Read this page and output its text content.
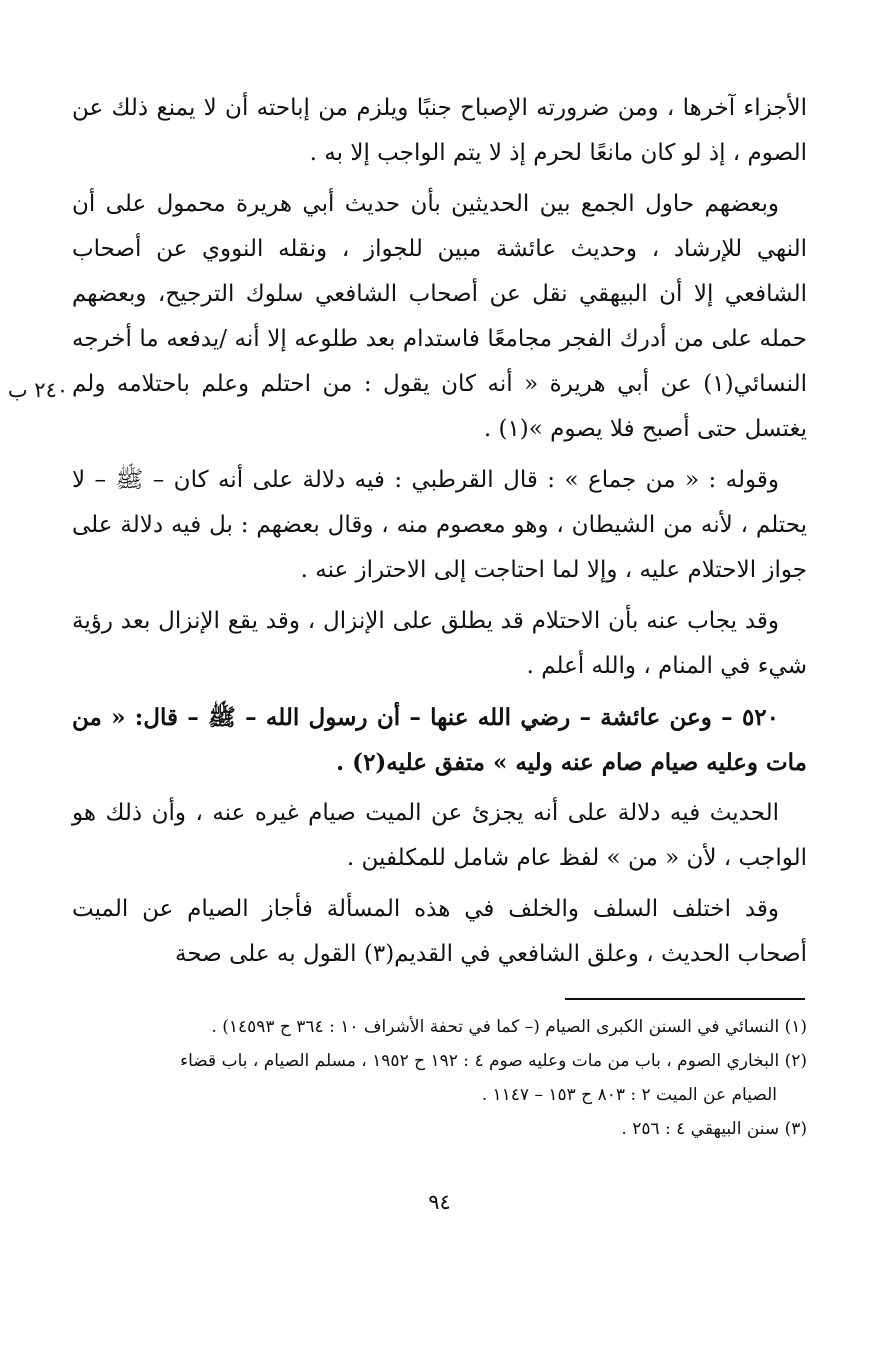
الأجزاء آخرها ، ومن ضرورته الإصباح جنبًا ويلزم من إباحته أن لا يمنع ذلك عن الصوم ، إذ لو كان مانعًا لحرم إذ لا يتم الواجب إلا به .

وبعضهم حاول الجمع بين الحديثين بأن حديث أبي هريرة محمول على أن النهي للإرشاد ، وحديث عائشة مبين للجواز ، ونقله النووي عن أصحاب الشافعي إلا أن البيهقي نقل عن أصحاب الشافعي سلوك الترجيح، وبعضهم حمله على من أدرك الفجر مجامعًا فاستدام بعد طلوعه إلا أنه /يدفعه ما أخرجه النسائي(١) عن أبي هريرة « أنه كان يقول : من احتلم وعلم باحتلامه ولم يغتسل حتى أصبح فلا يصوم »(١) .

وقوله : « من جماع » : قال القرطبي : فيه دلالة على أنه كان – ﷺ – لا يحتلم ، لأنه من الشيطان ، وهو معصوم منه ، وقال بعضهم : بل فيه دلالة على جواز الاحتلام عليه ، وإلا لما احتاجت إلى الاحتراز عنه .

وقد يجاب عنه بأن الاحتلام قد يطلق على الإنزال ، وقد يقع الإنزال بعد رؤية شيء في المنام ، والله أعلم .

٥٢٠ – وعن عائشة – رضي الله عنها – أن رسول الله – ﷺ – قال: « من مات وعليه صيام صام عنه وليه » متفق عليه(٢) .

الحديث فيه دلالة على أنه يجزئ عن الميت صيام غيره عنه ، وأن ذلك هو الواجب ، لأن « من » لفظ عام شامل للمكلفين .

وقد اختلف السلف والخلف في هذه المسألة فأجاز الصيام عن الميت أصحاب الحديث ، وعلق الشافعي في القديم(٣) القول به على صحة

٢٤٠ ب

(١) النسائي في السنن الكبرى الصيام (– كما في تحفة الأشراف ١٠ : ٣٦٤ ح ١٤٥٩٣) .

(٢) البخاري الصوم ، باب من مات وعليه صوم ٤ : ١٩٢ ح ١٩٥٢ ، مسلم الصيام ، باب قضاء

الصيام عن الميت ٢ : ٨٠٣ ح ١٥٣ – ١١٤٧ .

(٣) سنن البيهقي ٤ : ٢٥٦ .

٩٤
